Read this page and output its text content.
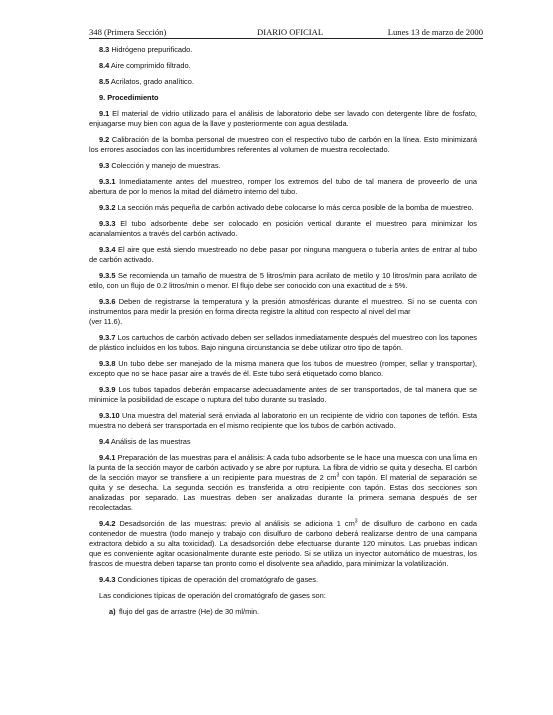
348 (Primera Sección)	DIARIO OFICIAL	Lunes 13 de marzo de 2000

8.3 Hidrógeno prepurificado.

8.4 Aire comprimido filtrado.

8.5 Acrilatos, grado analítico.

9. Procedimiento

9.1 El material de vidrio utilizado para el análisis de laboratorio debe ser lavado con detergente libre de fosfato, enjuagarse muy bien con agua de la llave y posteriormente con agua destilada.

9.2 Calibración de la bomba personal de muestreo con el respectivo tubo de carbón en la línea. Esto minimizará los errores asociados con las incertidumbres referentes al volumen de muestra recolectado.

9.3 Colección y manejo de muestras.

9.3.1 Inmediatamente antes del muestreo, romper los extremos del tubo de tal manera de proveerlo de una abertura de por lo menos la mitad del diámetro interno del tubo.

9.3.2 La sección más pequeña de carbón activado debe colocarse lo más cerca posible de la bomba de muestreo.

9.3.3 El tubo adsorbente debe ser colocado en posición vertical durante el muestreo para minimizar los acanalamientos a través del carbón activado.

9.3.4 El aire que está siendo muestreado no debe pasar por ninguna manguera o tubería antes de entrar al tubo de carbón activado.

9.3.5 Se recomienda un tamaño de muestra de 5 litros/min para acrilato de metilo y 10 litros/min para acrilato de etilo, con un flujo de 0.2 litros/min o menor. El flujo debe ser conocido con una exactitud de ± 5%.

9.3.6 Deben de registrarse la temperatura y la presión atmosféricas durante el muestreo. Si no se cuenta con instrumentos para medir la presión en forma directa registre la altitud con respecto al nivel del mar
(ver 11.6).

9.3.7 Los cartuchos de carbón activado deben ser sellados inmediatamente después del muestreo con los tapones de plástico incluidos en los tubos. Bajo ninguna circunstancia se debe utilizar otro tipo de tapón.

9.3.8 Un tubo debe ser manejado de la misma manera que los tubos de muestreo (romper, sellar y transportar), excepto que no se hace pasar aire a través de él. Este tubo será etiquetado como blanco.

9.3.9 Los tubos tapados deberán empacarse adecuadamente antes de ser transportados, de tal manera que se minimice la posibilidad de escape o ruptura del tubo durante su traslado.

9.3.10 Una muestra del material será enviada al laboratorio en un recipiente de vidrio con tapones de teflón. Esta muestra no deberá ser transportada en el mismo recipiente que los tubos de carbón activado.

9.4 Análisis de las muestras

9.4.1 Preparación de las muestras para el análisis: A cada tubo adsorbente se le hace una muesca con una lima en la punta de la sección mayor de carbón activado y se abre por ruptura. La fibra de vidrio se quita y desecha. El carbón de la sección mayor se transfiere a un recipiente para muestras de 2 $cm^3$ con tapón. El material de separación se quita y se desecha. La segunda sección es transferida a otro recipiente con tapón. Estas dos secciones son analizadas por separado. Las muestras deben ser analizadas durante la primera semana después de ser recolectadas.

9.4.2 Desadsorción de las muestras: previo al análisis se adiciona 1 $cm^3$ de disulfuro de carbono en cada contenedor de muestra (todo manejo y trabajo con disulfuro de carbono deberá realizarse dentro de una campana extractora debido a su alta toxicidad). La desadsorción debe efectuarse durante 120 minutos. Las pruebas indican que es conveniente agitar ocasionalmente durante este periodo. Si se utiliza un inyector automático de muestras, los frascos de muestra deben taparse tan pronto como el disolvente sea añadido, para minimizar la volatilización.

9.4.3 Condiciones típicas de operación del cromatógrafo de gases.

Las condiciones típicas de operación del cromatógrafo de gases son:

a) flujo del gas de arrastre (He) de 30 ml/min.
